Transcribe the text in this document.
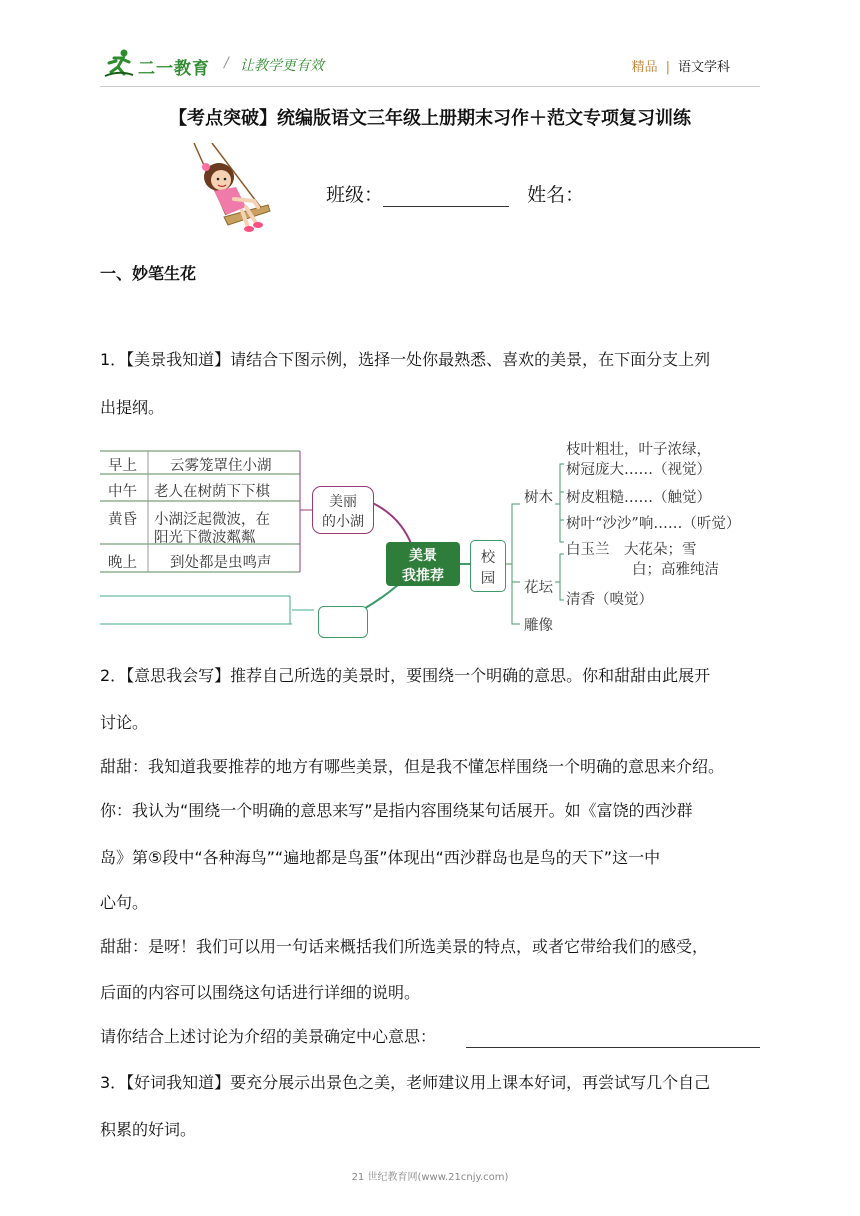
二一教育 / 让教学更有效	精品 | 语文学科
【考点突破】统编版语文三年级上册期末习作＋范文专项复习训练
班级：	姓名：
一、妙笔生花
1．【美景我知道】请结合下图示例，选择一处你最熟悉、喜欢的美景，在下面分支上列
出提纲。
早上 云雾笼罩住小湖
中午 老人在树荫下下棋
黄昏 小湖泛起微波，在
阳光下微波粼粼
晚上 到处都是虫鸣声
美丽
的小湖
美景
我推荐
校
园
树木
枝叶粗壮，叶子浓绿，
树冠庞大……（视觉）
树皮粗糙……（触觉）
树叶“沙沙”响……（听觉）
花坛
白玉兰　大花朵；雪
白；高雅纯洁
清香（嗅觉）
雕像
2．【意思我会写】推荐自己所选的美景时，要围绕一个明确的意思。你和甜甜由此展开
讨论。
甜甜：我知道我要推荐的地方有哪些美景，但是我不懂怎样围绕一个明确的意思来介绍。
你：我认为“围绕一个明确的意思来写”是指内容围绕某句话展开。如《富饶的西沙群
岛》第⑤段中“各种海鸟”“遍地都是鸟蛋”体现出“西沙群岛也是鸟的天下”这一中
心句。
甜甜：是呀！我们可以用一句话来概括我们所选美景的特点，或者它带给我们的感受，
后面的内容可以围绕这句话进行详细的说明。
请你结合上述讨论为介绍的美景确定中心意思：
3．【好词我知道】要充分展示出景色之美，老师建议用上课本好词，再尝试写几个自己
积累的好词。
21 世纪教育网(www.21cnjy.com)
